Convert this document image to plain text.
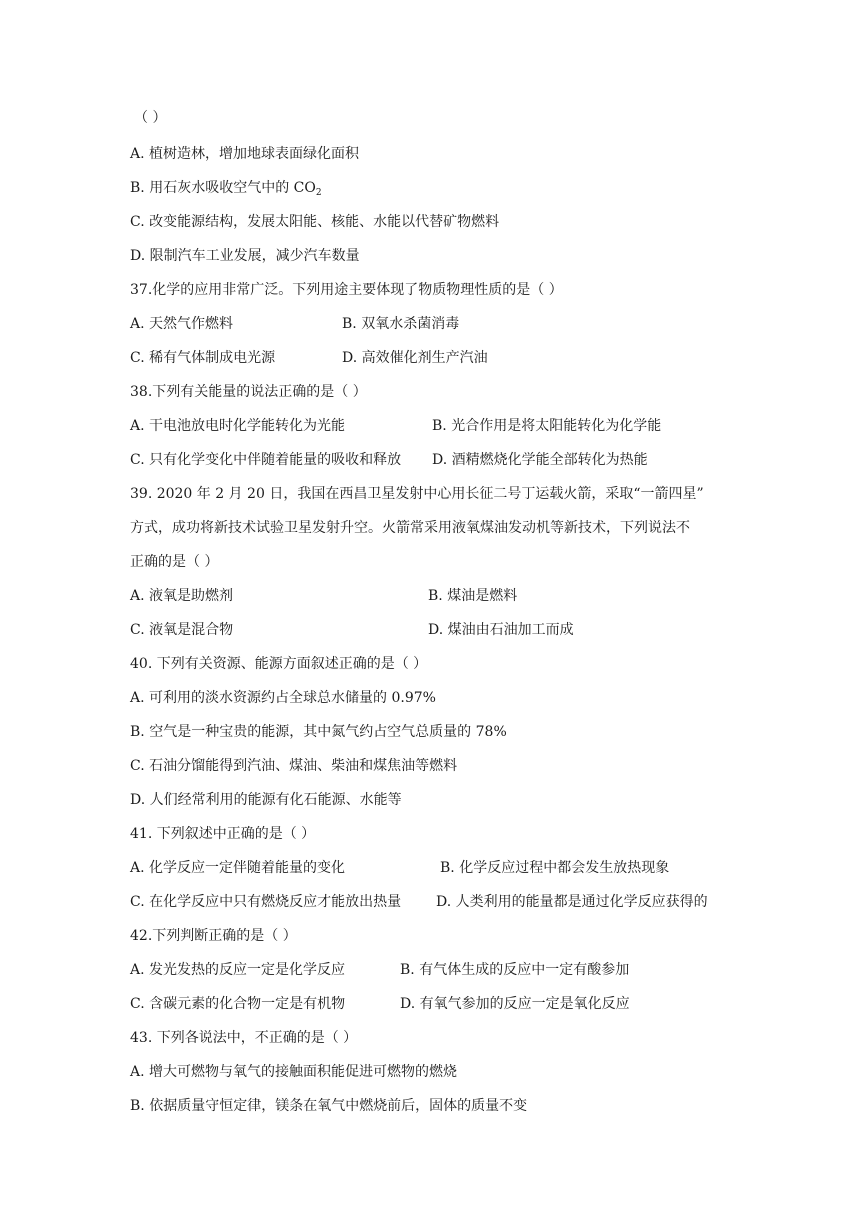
（ ）
A. 植树造林，增加地球表面绿化面积
B. 用石灰水吸收空气中的 $CO_2$
C. 改变能源结构，发展太阳能、核能、水能以代替矿物燃料
D. 限制汽车工业发展，减少汽车数量
37.化学的应用非常广泛。下列用途主要体现了物质物理性质的是（ ）
A. 天然气作燃料	B. 双氧水杀菌消毒
C. 稀有气体制成电光源	D. 高效催化剂生产汽油
38.下列有关能量的说法正确的是（ ）
A. 干电池放电时化学能转化为光能	B. 光合作用是将太阳能转化为化学能
C. 只有化学变化中伴随着能量的吸收和释放 D. 酒精燃烧化学能全部转化为热能
39. 2020 年 2 月 20 日，我国在西昌卫星发射中心用长征二号丁运载火箭，采取“一箭四星”
方式，成功将新技术试验卫星发射升空。火箭常采用液氧煤油发动机等新技术，下列说法不
正确的是（ ）
A. 液氧是助燃剂	B. 煤油是燃料
C. 液氧是混合物	D. 煤油由石油加工而成
40. 下列有关资源、能源方面叙述正确的是（ ）
A. 可利用的淡水资源约占全球总水储量的 0.97%
B. 空气是一种宝贵的能源，其中氮气约占空气总质量的 78%
C. 石油分馏能得到汽油、煤油、柴油和煤焦油等燃料
D. 人们经常利用的能源有化石能源、水能等
41. 下列叙述中正确的是（ ）
A. 化学反应一定伴随着能量的变化	B. 化学反应过程中都会发生放热现象
C. 在化学反应中只有燃烧反应才能放出热量 D. 人类利用的能量都是通过化学反应获得的
42.下列判断正确的是（ ）
A. 发光发热的反应一定是化学反应	B. 有气体生成的反应中一定有酸参加
C. 含碳元素的化合物一定是有机物	D. 有氧气参加的反应一定是氧化反应
43. 下列各说法中，不正确的是（ ）
A. 增大可燃物与氧气的接触面积能促进可燃物的燃烧
B. 依据质量守恒定律，镁条在氧气中燃烧前后，固体的质量不变
